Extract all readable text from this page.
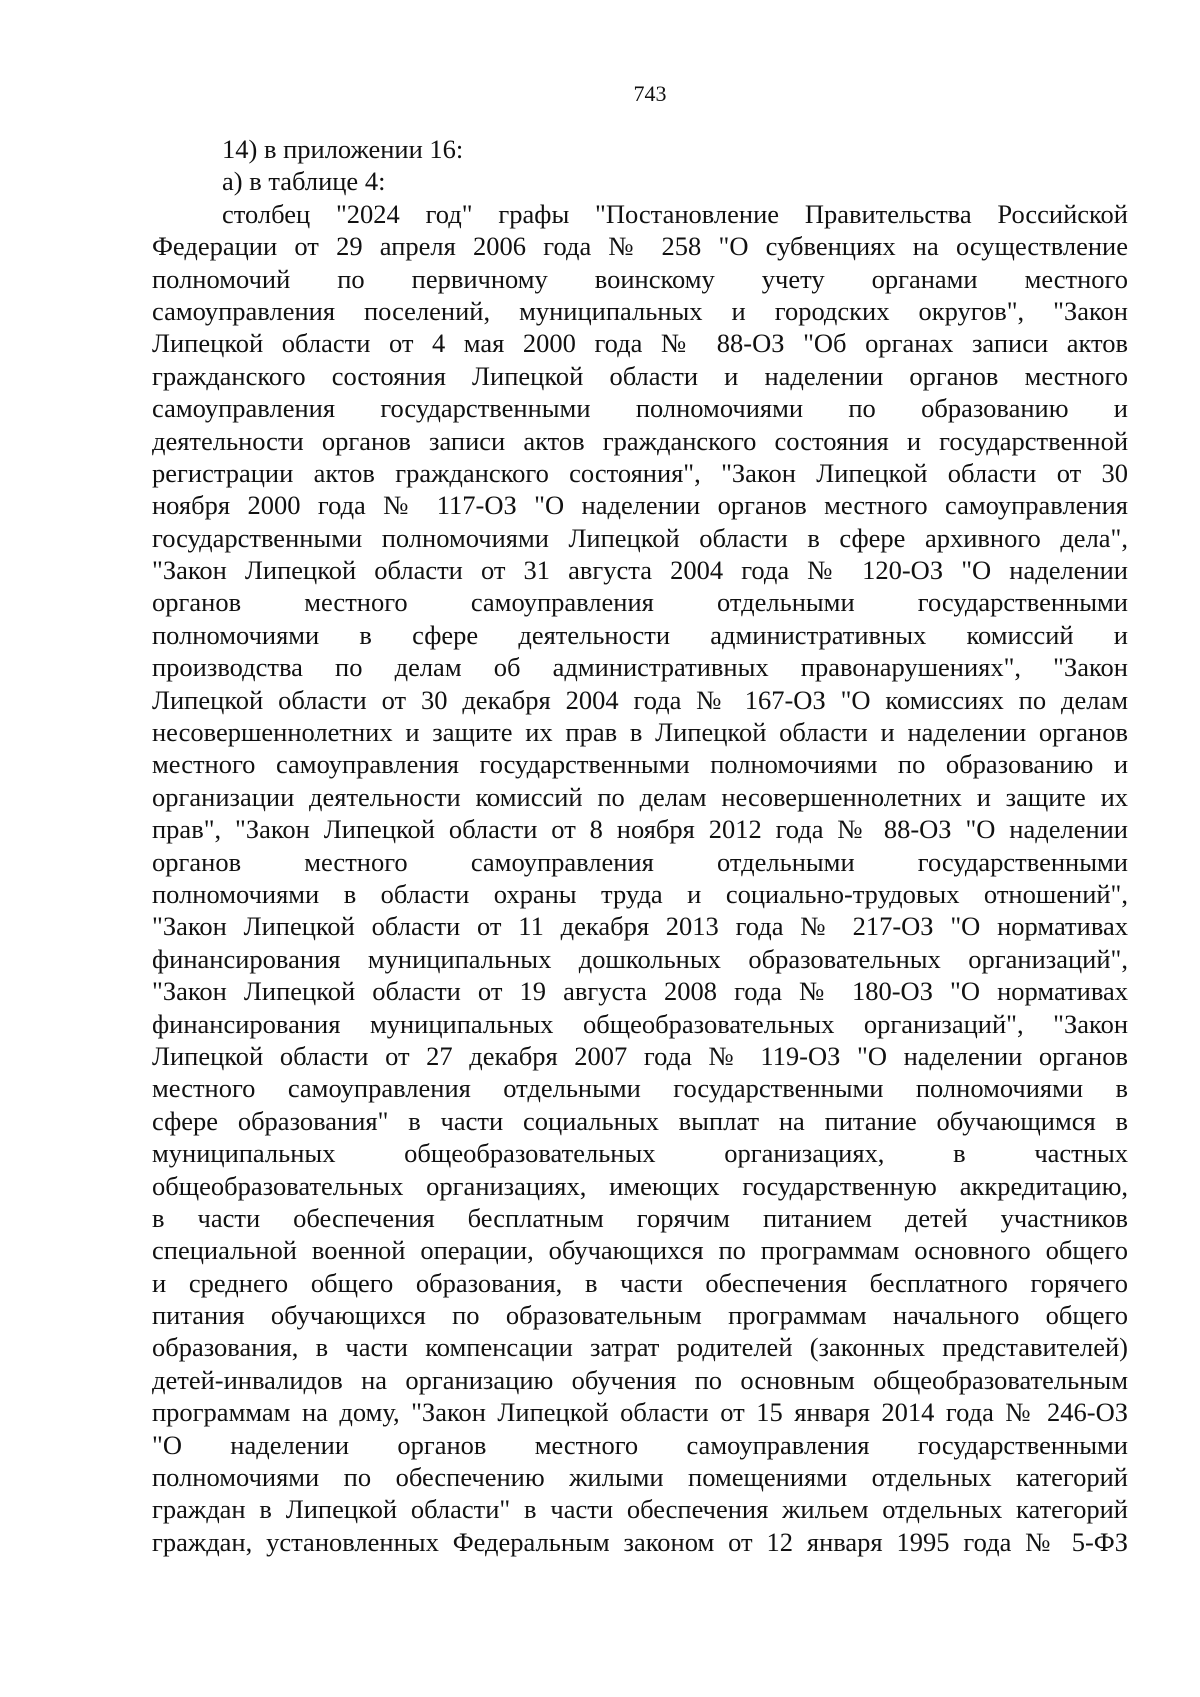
743
14) в приложении 16:
а) в таблице 4:
столбец "2024 год" графы "Постановление Правительства Российской
Федерации от 29 апреля 2006 года № 258 "О субвенциях на осуществление
полномочий по первичному воинскому учету органами местного
самоуправления поселений, муниципальных и городских округов", "Закон
Липецкой области от 4 мая 2000 года № 88-ОЗ "Об органах записи актов
гражданского состояния Липецкой области и наделении органов местного
самоуправления государственными полномочиями по образованию и
деятельности органов записи актов гражданского состояния и государственной
регистрации актов гражданского состояния", "Закон Липецкой области от 30
ноября 2000 года № 117-ОЗ "О наделении органов местного самоуправления
государственными полномочиями Липецкой области в сфере архивного дела",
"Закон Липецкой области от 31 августа 2004 года № 120-ОЗ "О наделении
органов местного самоуправления отдельными государственными
полномочиями в сфере деятельности административных комиссий и
производства по делам об административных правонарушениях", "Закон
Липецкой области от 30 декабря 2004 года № 167-ОЗ "О комиссиях по делам
несовершеннолетних и защите их прав в Липецкой области и наделении органов
местного самоуправления государственными полномочиями по образованию и
организации деятельности комиссий по делам несовершеннолетних и защите их
прав", "Закон Липецкой области от 8 ноября 2012 года № 88-ОЗ "О наделении
органов местного самоуправления отдельными государственными
полномочиями в области охраны труда и социально-трудовых отношений",
"Закон Липецкой области от 11 декабря 2013 года № 217-ОЗ "О нормативах
финансирования муниципальных дошкольных образовательных организаций",
"Закон Липецкой области от 19 августа 2008 года № 180-ОЗ "О нормативах
финансирования муниципальных общеобразовательных организаций", "Закон
Липецкой области от 27 декабря 2007 года № 119-ОЗ "О наделении органов
местного самоуправления отдельными государственными полномочиями в
сфере образования" в части социальных выплат на питание обучающимся в
муниципальных общеобразовательных организациях, в частных
общеобразовательных организациях, имеющих государственную аккредитацию,
в части обеспечения бесплатным горячим питанием детей участников
специальной военной операции, обучающихся по программам основного общего
и среднего общего образования, в части обеспечения бесплатного горячего
питания обучающихся по образовательным программам начального общего
образования, в части компенсации затрат родителей (законных представителей)
детей-инвалидов на организацию обучения по основным общеобразовательным
программам на дому, "Закон Липецкой области от 15 января 2014 года № 246-ОЗ
"О наделении органов местного самоуправления государственными
полномочиями по обеспечению жилыми помещениями отдельных категорий
граждан в Липецкой области" в части обеспечения жильем отдельных категорий
граждан, установленных Федеральным законом от 12 января 1995 года № 5-ФЗ
